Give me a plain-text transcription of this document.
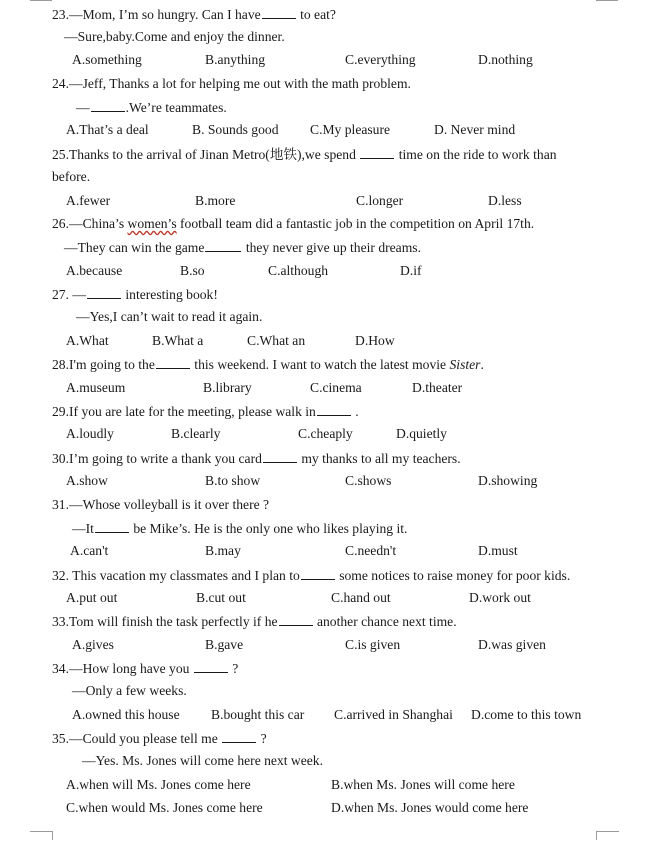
23.—Mom, I’m so hungry. Can I have	to eat?
—Sure,baby.Come and enjoy the dinner.
A.something	B.anything	C.everything	D.nothing
24.—Jeff, Thanks a lot for helping me out with the math problem.
—	.We’re teammates.
A.That’s a deal	B. Sounds good C.My pleasure	D. Never mind
25.Thanks to the arrival of Jinan Metro(地铁),we spend	time on the ride to work than
before.
A.fewer	B.more	C.longer	D.less
26.—China’s women’s football team did a fantastic job in the competition on April 17th.
—They can win the game	they never give up their dreams.
A.because	B.so	C.although	D.if
27. —	interesting book!
—Yes,I can’t wait to read it again.
A.What	B.What a	C.What an	D.How
28.I'm going to the	this weekend. I want to watch the latest movie Sister.
A.museum	B.library	C.cinema	D.theater
29.If you are late for the meeting, please walk in	.
A.loudly	B.clearly	C.cheaply	D.quietly
30.I’m going to write a thank you card	my thanks to all my teachers.
A.show	B.to show	C.shows	D.showing
31.—Whose volleyball is it over there ?
—It	be Mike’s. He is the only one who likes playing it.
A.can't	B.may	C.needn't	D.must
32. This vacation my classmates and I plan to	some notices to raise money for poor kids.
A.put out	B.cut out	C.hand out	D.work out
33.Tom will finish the task perfectly if he	another chance next time.
A.gives	B.gave	C.is given	D.was given
34.—How long have you	?
—Only a few weeks.
A.owned this house B.bought this car C.arrived in Shanghai D.come to this town
35.—Could you please tell me	?
—Yes. Ms. Jones will come here next week.
A.when will Ms. Jones come here	B.when Ms. Jones will come here
C.when would Ms. Jones come here	D.when Ms. Jones would come here
